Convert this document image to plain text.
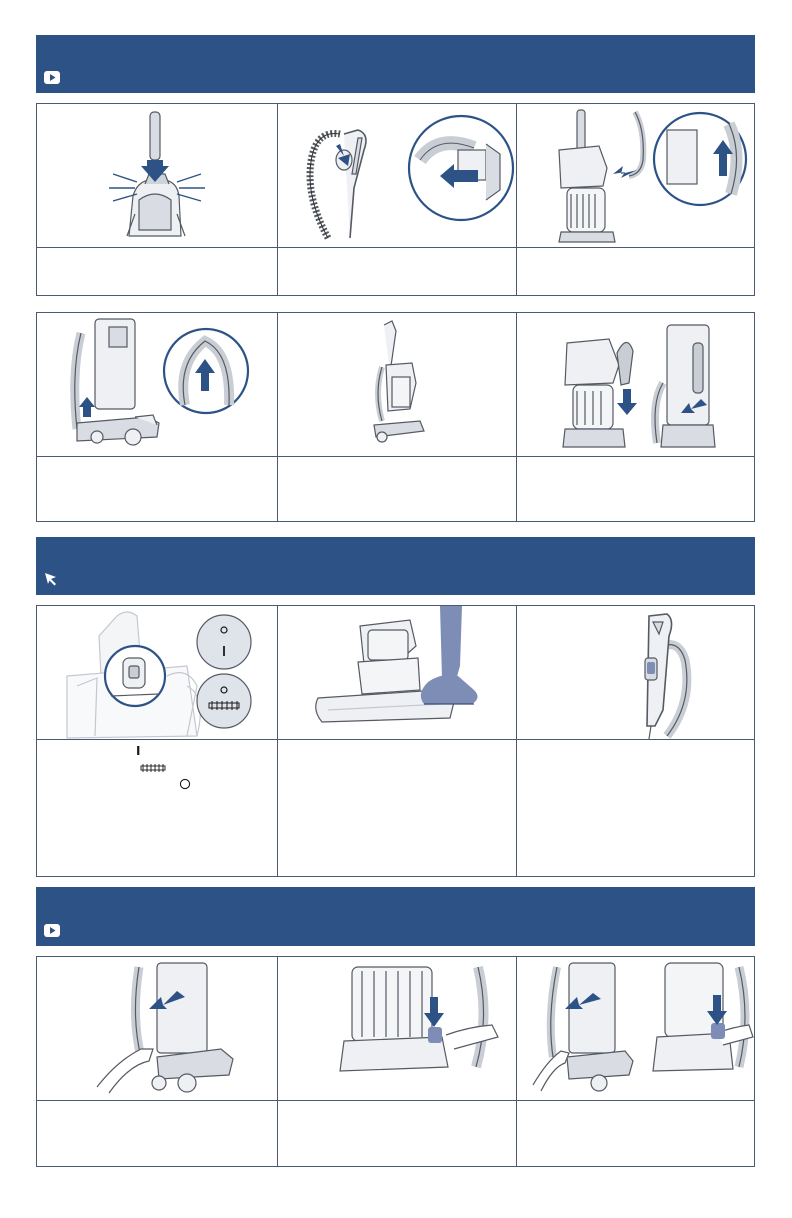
I
